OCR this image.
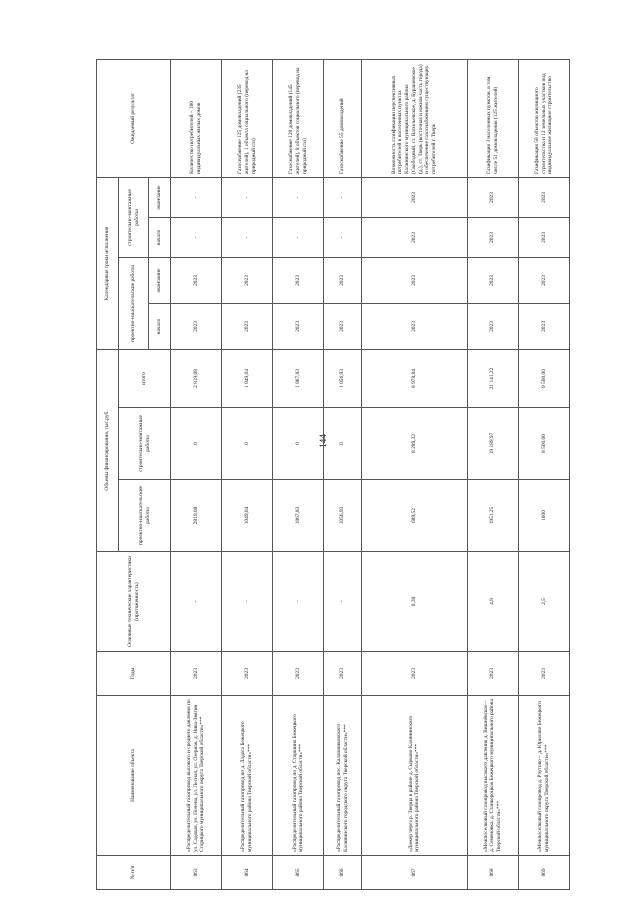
144
№ п/п	Наименование объекта	Годы	Основные технические характеристики (протяженность)	Объемы финансирования, тыс.руб.			Календарные сроки исполнения				Ожидаемый результат
				проектно-изыскательские работы	строительно-монтажные работы	итого	проектно-изыскательские работы		строительно-монтажные работы		
							начало	окончание	начало	окончание	
863	«Распределительный газопровод высокого и среднего давления по ул. Садовая, ул. Почепа, ул. Лесная, ул. Озерная, д. Нива-Звягин Старицкого муниципального округа Тверской области»***	2023	-	2819,08	0	2 819,08	2023	2023	-	-	Количество потребителей – 180 индивидуальных жилых домов
864	«Распределительный газопровод по д. Ладога Бежецкого муниципального района Тверской области»***	2023	-	1049,04	0	1 049,04	2023	2023	-	-	Газоснабжение 125 домовладений (235 жителей), 1 объекта социального (перевод на природный газ)
865	«Распределительный газопровод по д. Старшина Бежецкого муниципального района Тверской области»***	2023	-	1867,83	0	1 867,83	2023	2023	-	-	Газоснабжение 128 домовладений (145 жителей), 8 объектов социального (перевод на природный газ)
866	«Распределительный газопровод пос. Калашниковского Калининского городского округа Тверской области»***	2023	-	1056,93	0	1 056,93	2023	2023	-	-	Газоснабжение 55 домовладений
867	«Дюкер через р. Тверца в районе д. Сырково Калининского муниципального района Тверской области»***	2023	0,38	689,52	8 289,32	8 978,84	2023	2023	2023	2023	Возможность газификации перспективных потребителей в населенных пунктах Калининского муниципального района (Свободный, ст. Васильевское, д. Бурашевское (д.), ст. Тверь (восточная и южная часть города) и обеспечение газоснабжением существующих потребителей г. Тверь
868	«Межпоселковый газопровод высокого давления д. Вишнёвское – д. Семеновка, д. Станкероцкая Бежецкого муниципального района Тверской области»***	2023	4,8	1951,25	19 189,97	21 141,22	2023	2023	2023	2023	Газификация 3 населенных пунктов, в том числе 51 домовладения (125 жителей)
869	«Межпоселковый газопровод д. Рэутово – д. Юрилово Бежецкого муниципального округа Тверской области»***	2023	2,5	1000	8 500,00	9 500,00	2023	2023	2023	2023	Газификация 58 объектов жилищного строительства и 12 земельных участков под индивидуальное жилищное строительство
